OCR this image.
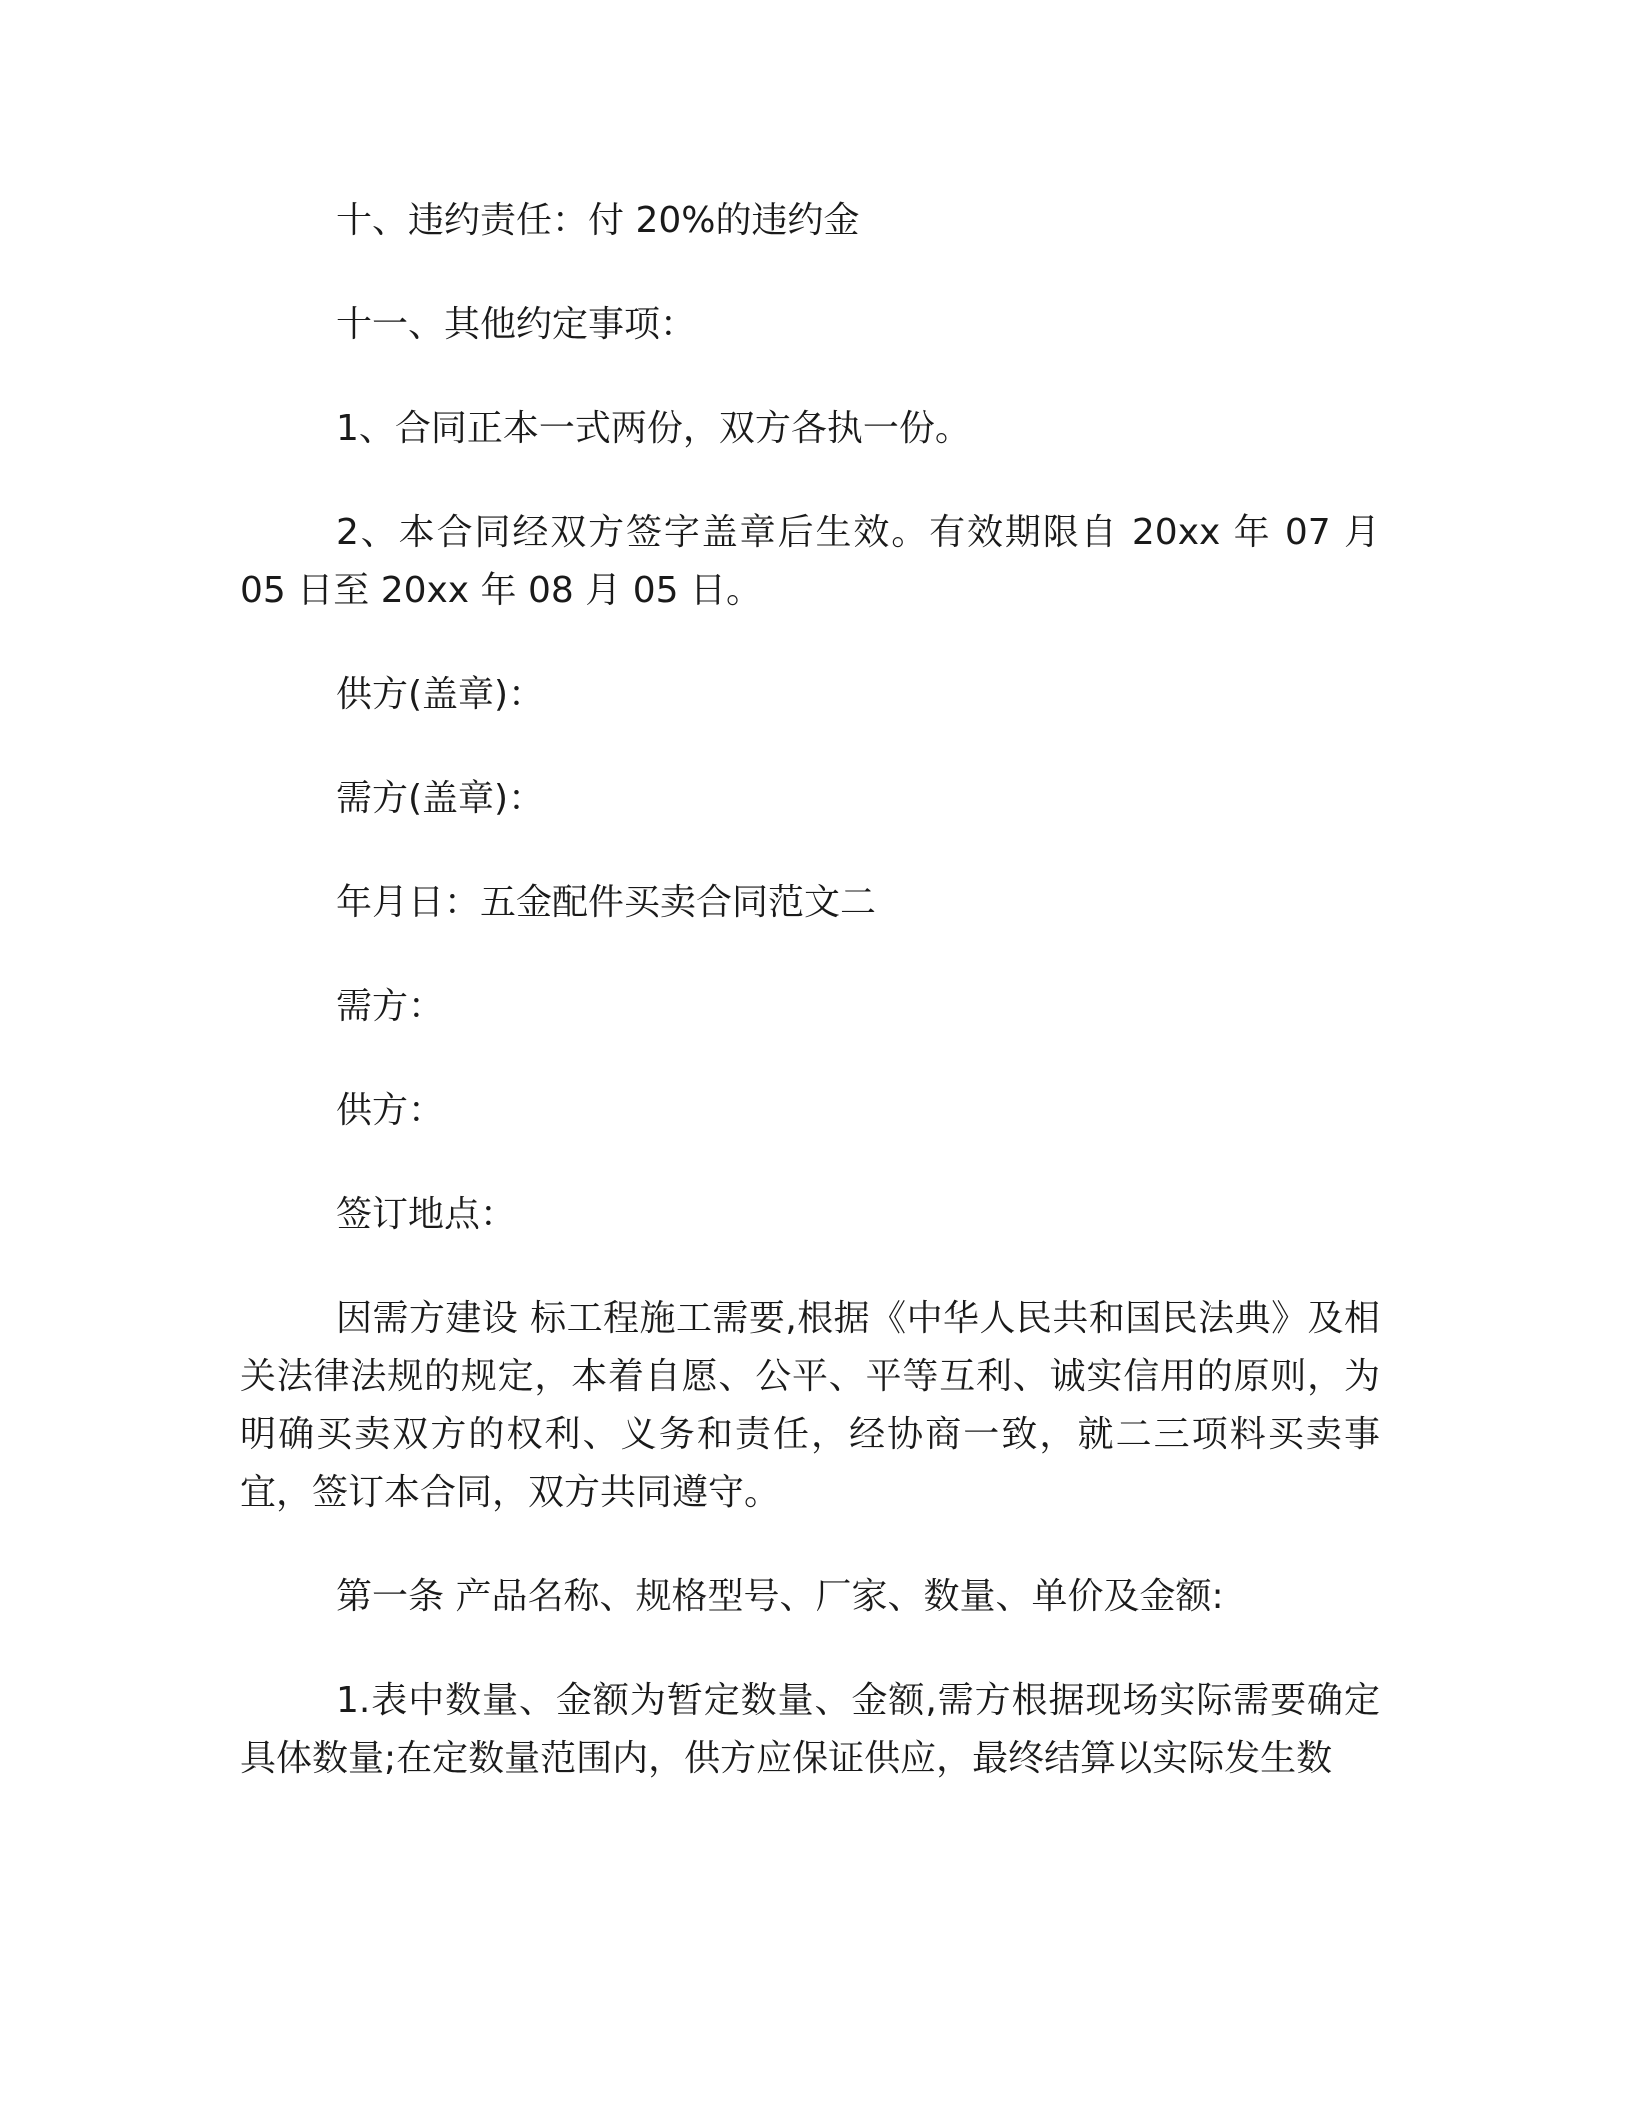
十、违约责任：付 20%的违约金

十一、其他约定事项：

1、合同正本一式两份，双方各执一份。

2、本合同经双方签字盖章后生效。有效期限自 20xx 年 07 月 05 日至 20xx 年 08 月 05 日。

供方(盖章)：

需方(盖章)：

年月日：五金配件买卖合同范文二

需方：

供方：

签订地点：

因需方建设 标工程施工需要,根据《中华人民共和国民法典》及相关法律法规的规定，本着自愿、公平、平等互利、诚实信用的原则，为明确买卖双方的权利、义务和责任，经协商一致，就二三项料买卖事宜，签订本合同，双方共同遵守。

第一条 产品名称、规格型号、厂家、数量、单价及金额:

1.表中数量、金额为暂定数量、金额,需方根据现场实际需要确定具体数量;在定数量范围内，供方应保证供应，最终结算以实际发生数
